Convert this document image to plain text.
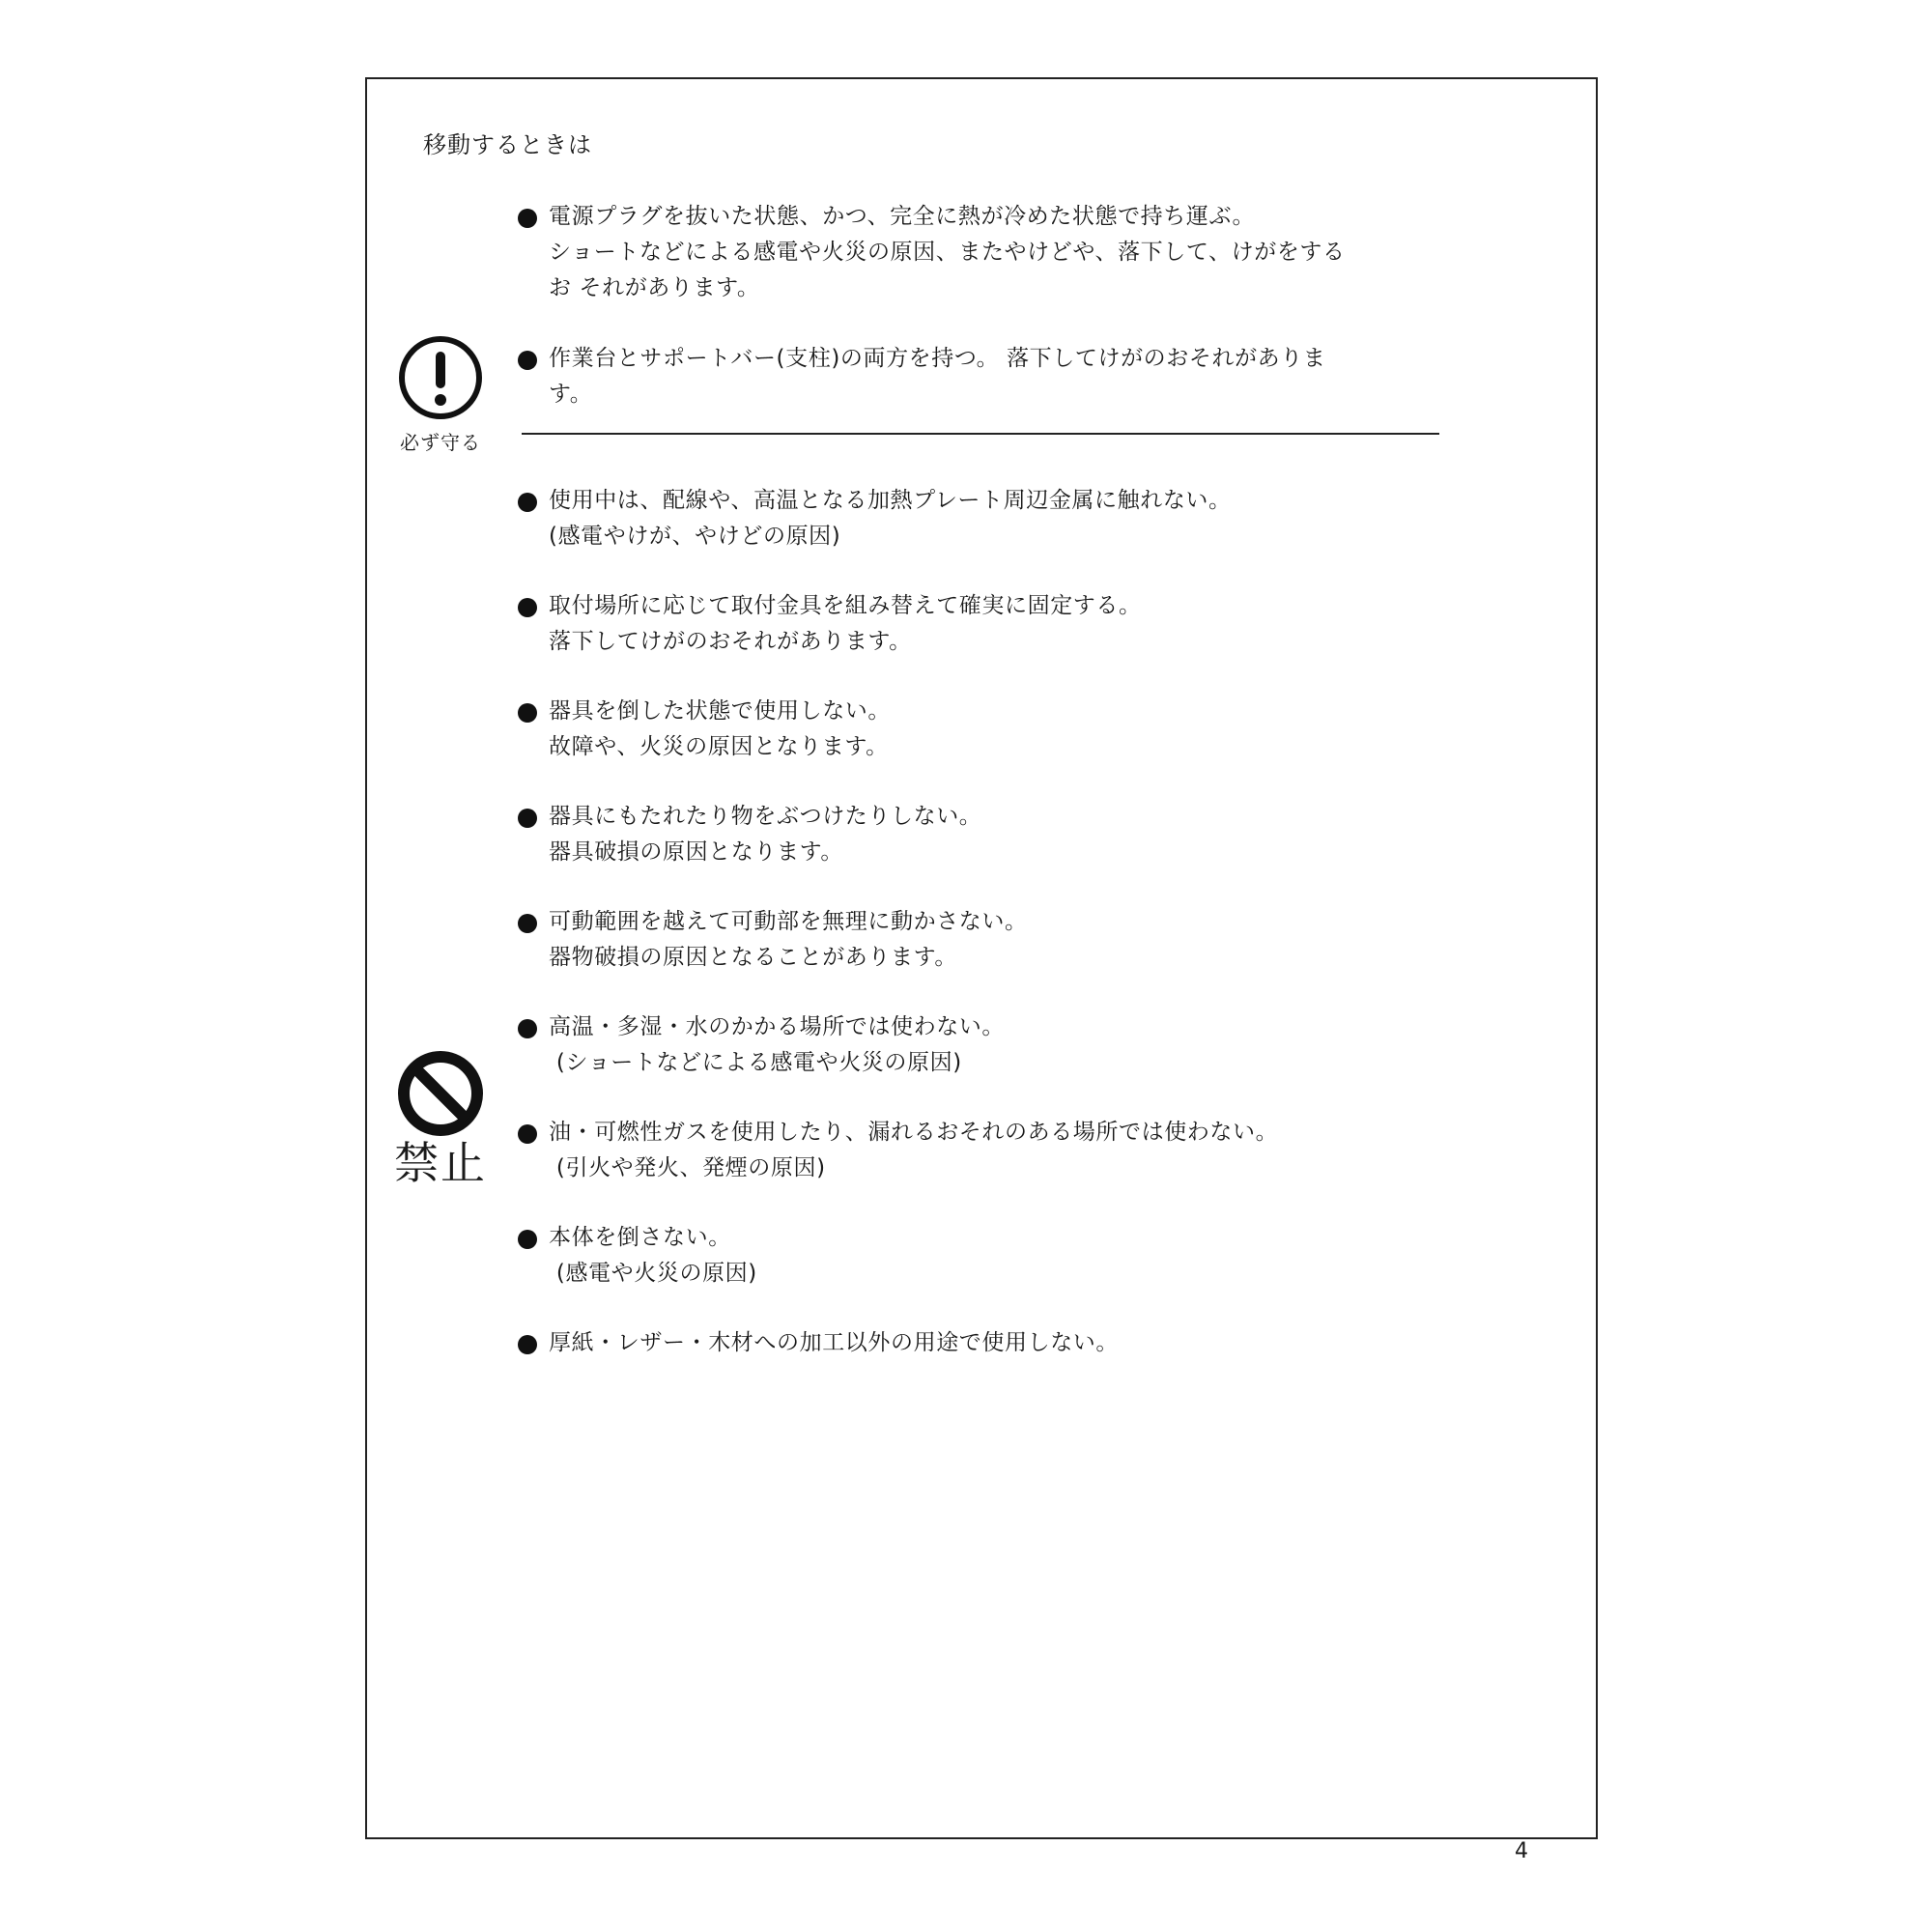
移動するときは
必ず守る
電源プラグを抜いた状態、かつ、完全に熱が冷めた状態で持ち運ぶ。
ショートなどによる感電や火災の原因、またやけどや、落下して、けがをする
お それがあります。
作業台とサポートバー(支柱)の両方を持つ。 落下してけがのおそれがありま
す。
禁止
使用中は、配線や、高温となる加熱プレート周辺金属に触れない。
(感電やけが、やけどの原因)
取付場所に応じて取付金具を組み替えて確実に固定する。
落下してけがのおそれがあります。
器具を倒した状態で使用しない。
故障や、火災の原因となります。
器具にもたれたり物をぶつけたりしない。
器具破損の原因となります。
可動範囲を越えて可動部を無理に動かさない。
器物破損の原因となることがあります。
高温・多湿・水のかかる場所では使わない。
(ショートなどによる感電や火災の原因)
油・可燃性ガスを使用したり、漏れるおそれのある場所では使わない。
(引火や発火、発煙の原因)
本体を倒さない。
(感電や火災の原因)
厚紙・レザー・木材への加工以外の用途で使用しない。
4
